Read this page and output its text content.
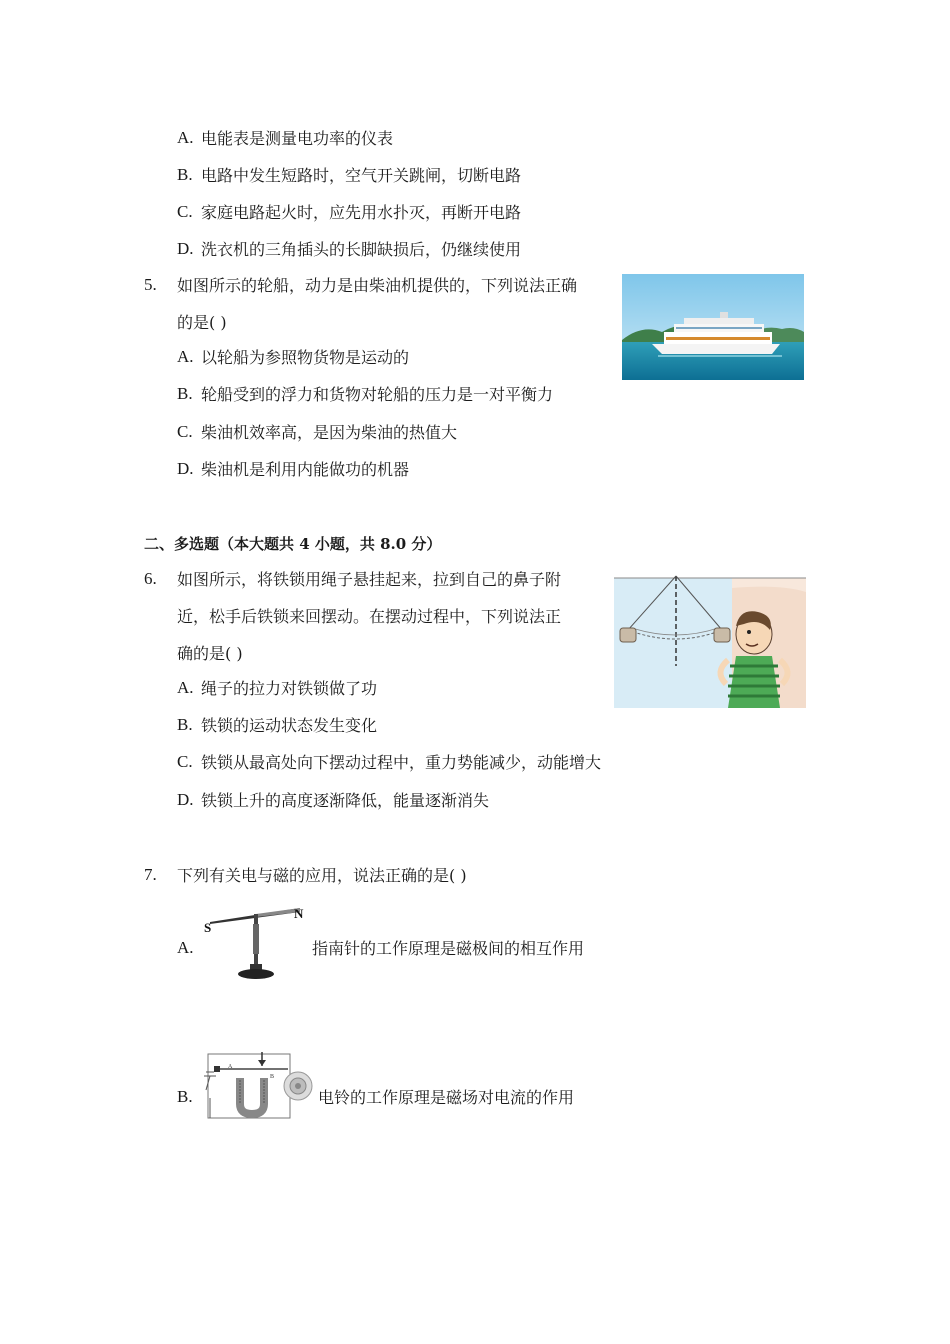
A. 电能表是测量电功率的仪表
B. 电路中发生短路时，空气开关跳闸，切断电路
C. 家庭电路起火时，应先用水扑灭，再断开电路
D. 洗衣机的三角插头的长脚缺损后，仍继续使用
5. 如图所示的轮船，动力是由柴油机提供的，下列说法正确
的是( )
A. 以轮船为参照物货物是运动的
B. 轮船受到的浮力和货物对轮船的压力是一对平衡力
C. 柴油机效率高，是因为柴油的热值大
D. 柴油机是利用内能做功的机器
二、多选题（本大题共 4 小题，共 8.0 分）
6. 如图所示，将铁锁用绳子悬挂起来，拉到自己的鼻子附
近，松手后铁锁来回摆动。在摆动过程中，下列说法正
确的是( )
A. 绳子的拉力对铁锁做了功
B. 铁锁的运动状态发生变化
C. 铁锁从最高处向下摆动过程中，重力势能减少，动能增大
D. 铁锁上升的高度逐渐降低，能量逐渐消失
7. 下列有关电与磁的应用，说法正确的是( )
A.
S
N
指南针的工作原理是磁极间的相互作用
B.
A
B
电铃的工作原理是磁场对电流的作用
